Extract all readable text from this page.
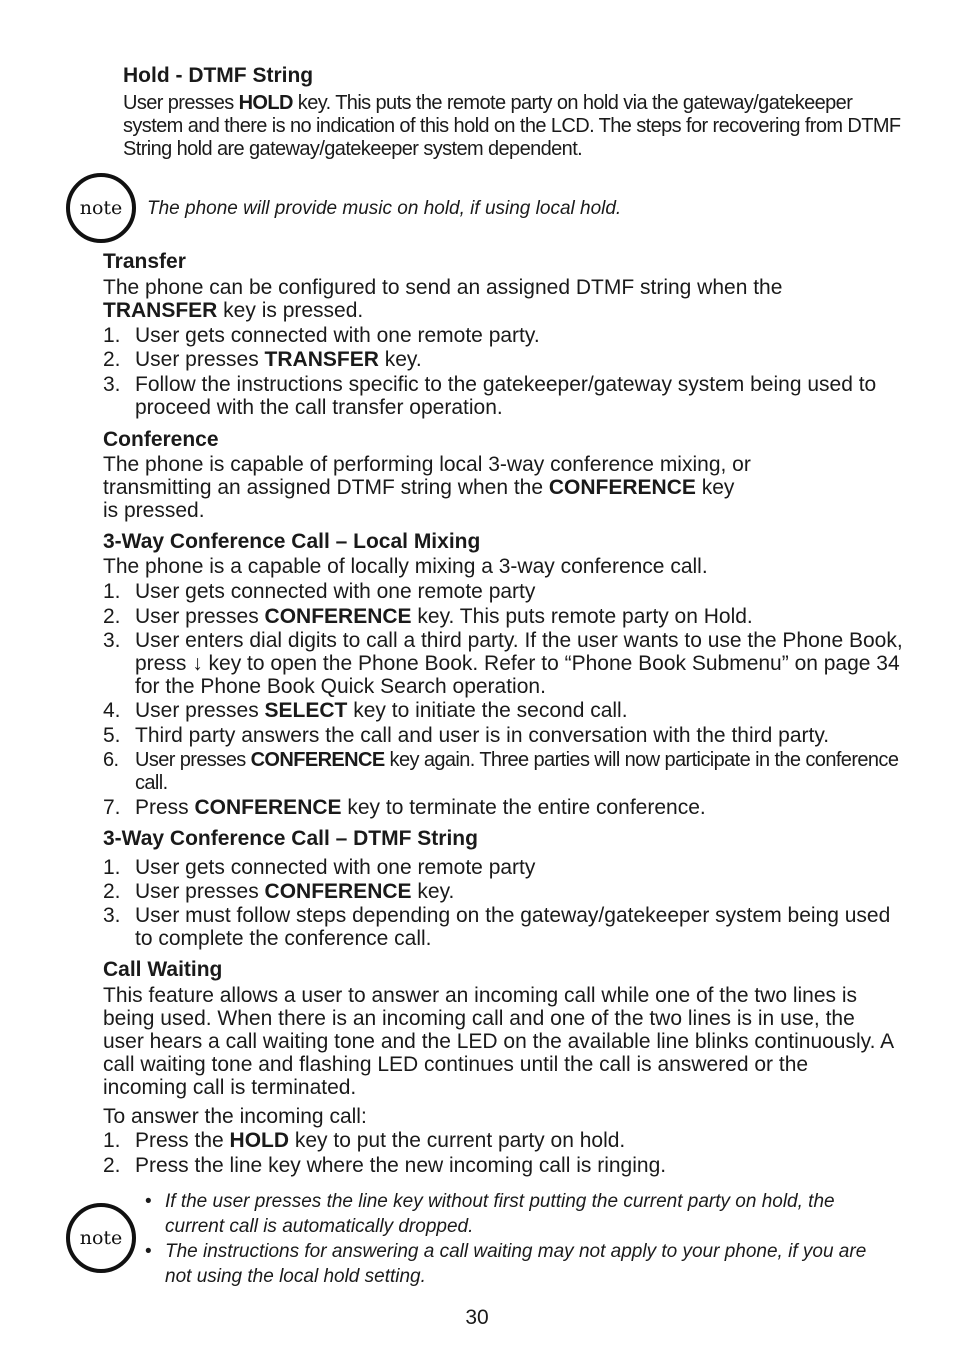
Hold - DTMF String
User presses HOLD key. This puts the remote party on hold via the gateway/gatekeeper system and there is no indication of this hold on the LCD. The steps for recovering from DTMF String hold are gateway/gatekeeper system dependent.
note	The phone will provide music on hold, if using local hold.
Transfer
The phone can be configured to send an assigned DTMF string when the TRANSFER key is pressed.
1. User gets connected with one remote party.
2. User presses TRANSFER key.
3. Follow the instructions specific to the gatekeeper/gateway system being used to proceed with the call transfer operation.
Conference
The phone is capable of performing local 3-way conference mixing, or transmitting an assigned DTMF string when the CONFERENCE key
is pressed.
3-Way Conference Call – Local Mixing
The phone is a capable of locally mixing a 3-way conference call.
1. User gets connected with one remote party
2. User presses CONFERENCE key. This puts remote party on Hold.
3. User enters dial digits to call a third party. If the user wants to use the Phone Book, press ↓ key to open the Phone Book. Refer to “Phone Book Submenu” on page 34 for the Phone Book Quick Search operation.
4. User presses SELECT key to initiate the second call.
5. Third party answers the call and user is in conversation with the third party.
6. User presses CONFERENCE key again. Three parties will now participate in the conference call.
7. Press CONFERENCE key to terminate the entire conference.
3-Way Conference Call – DTMF String
1. User gets connected with one remote party
2. User presses CONFERENCE key.
3. User must follow steps depending on the gateway/gatekeeper system being used to complete the conference call.
Call Waiting
This feature allows a user to answer an incoming call while one of the two lines is being used. When there is an incoming call and one of the two lines is in use, the user hears a call waiting tone and the LED on the available line blinks continuously. A call waiting tone and flashing LED continues until the call is answered or the incoming call is terminated.
To answer the incoming call:
1. Press the HOLD key to put the current party on hold.
2. Press the line key where the new incoming call is ringing.
note
• If the user presses the line key without first putting the current party on hold, the current call is automatically dropped.
• The instructions for answering a call waiting may not apply to your phone, if you are not using the local hold setting.
30
